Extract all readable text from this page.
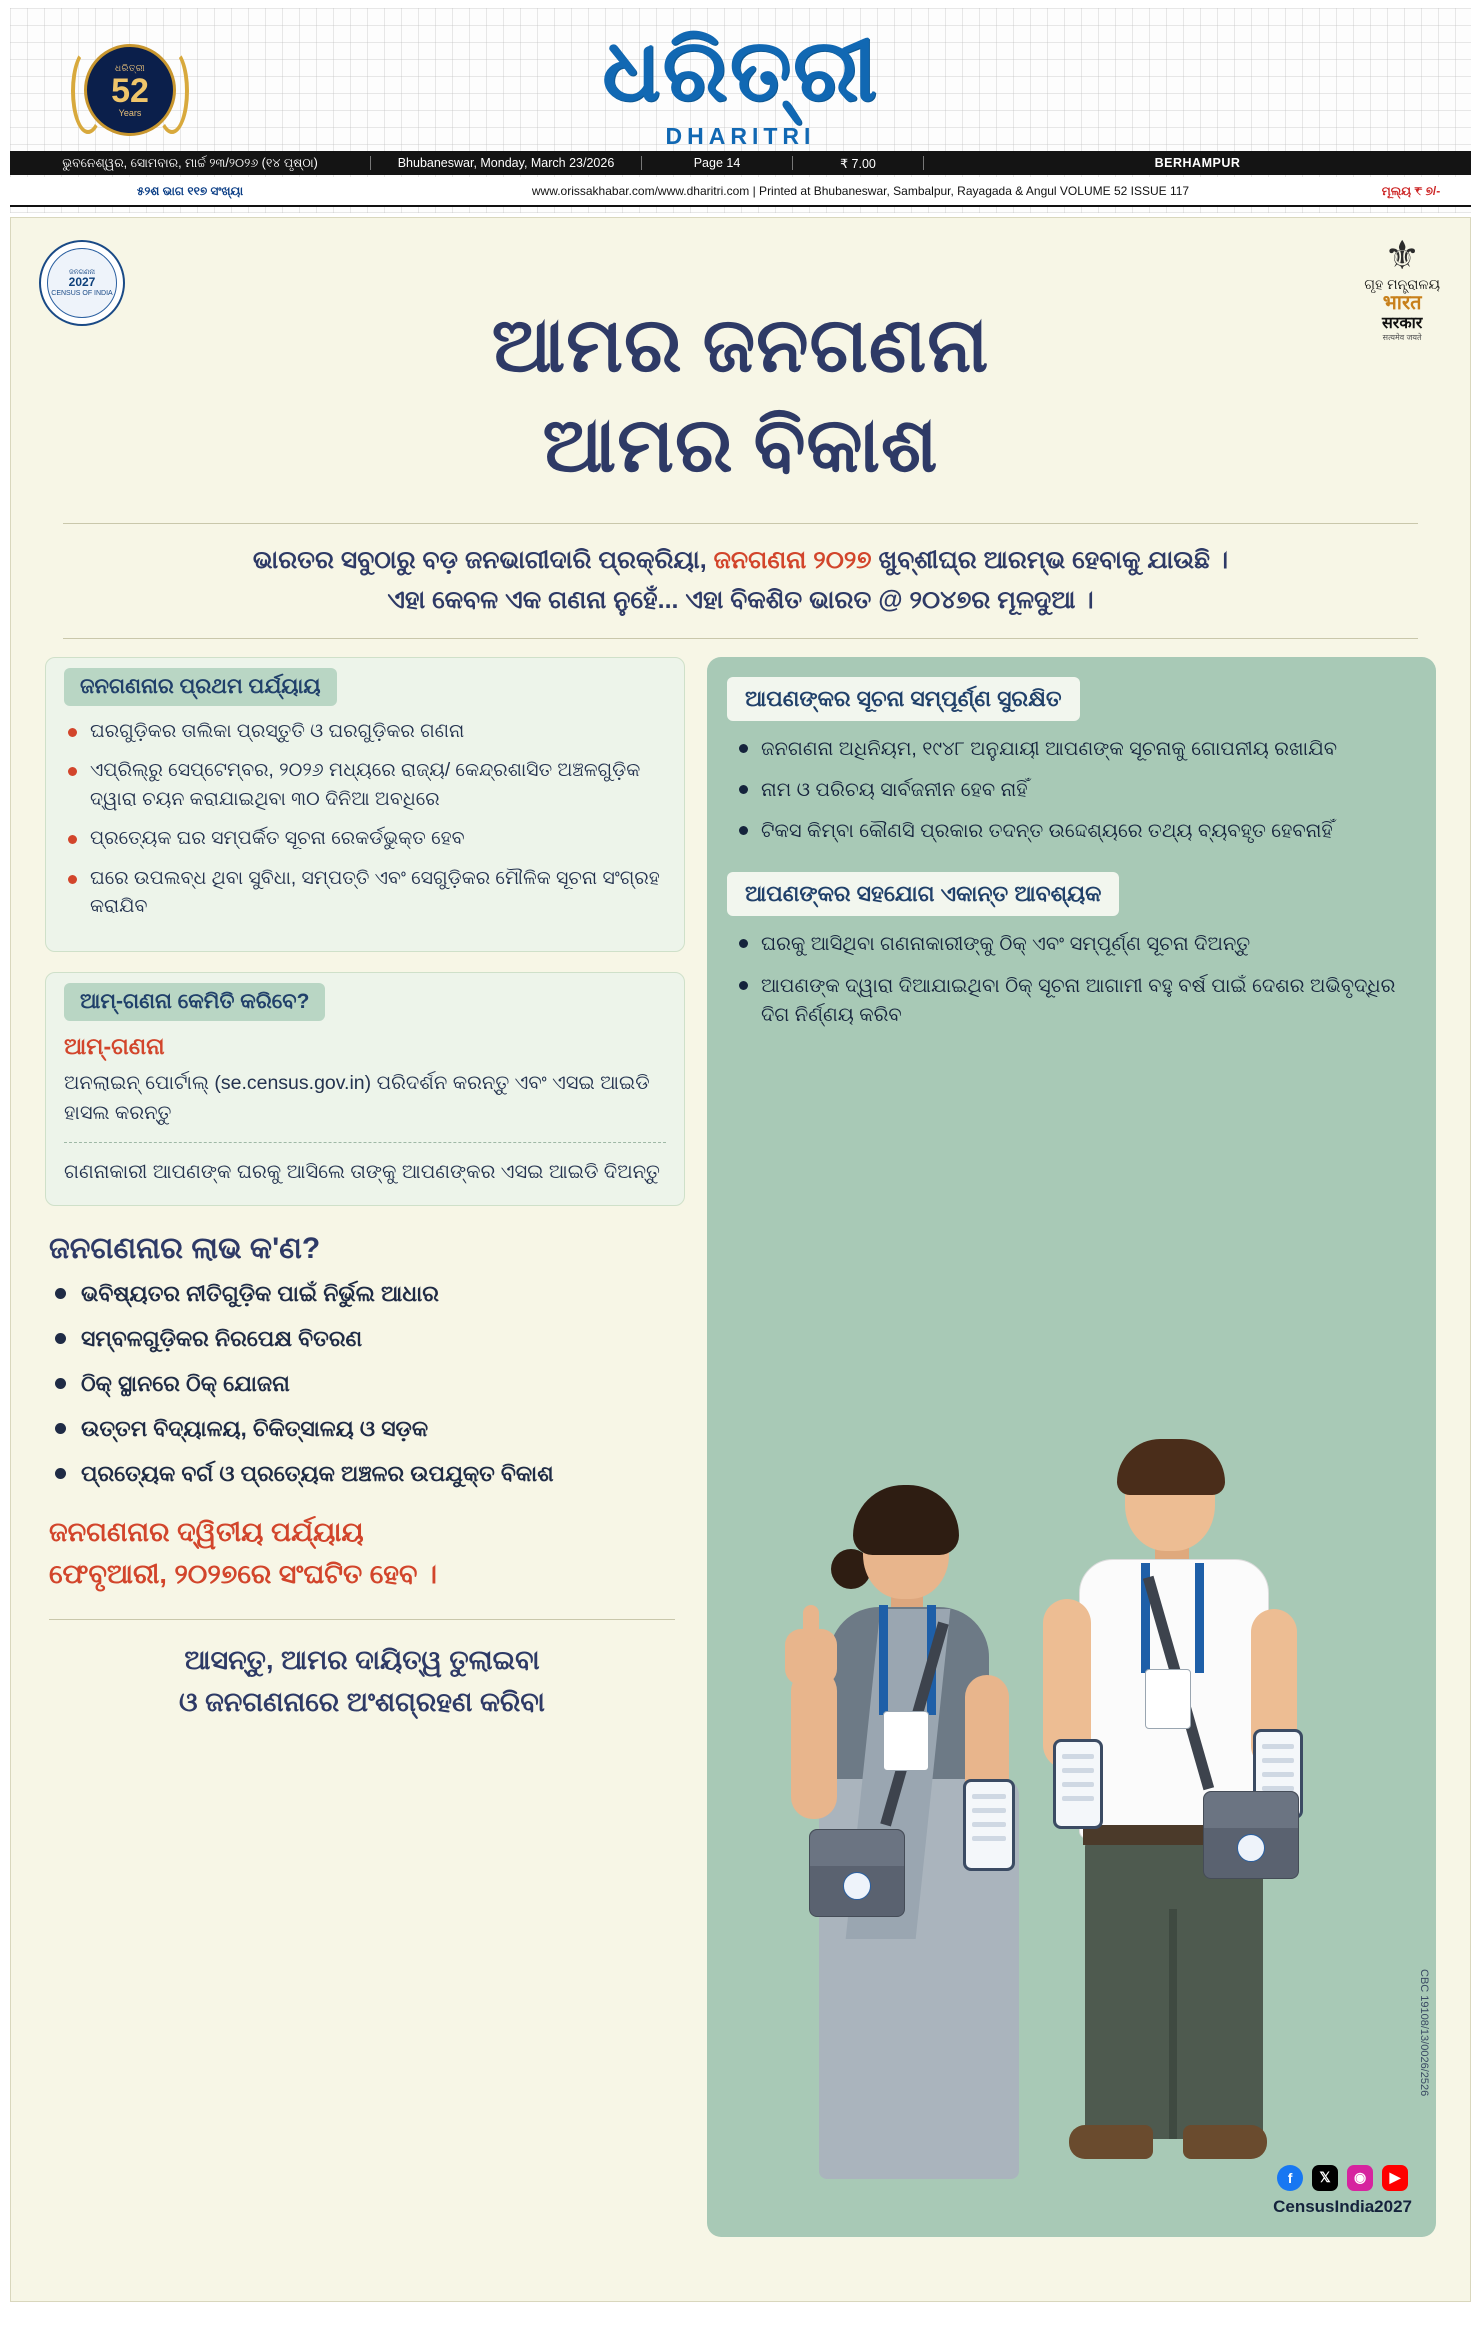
ଧରିତ୍ରୀ
52
Years	ଧରିତ୍ରୀ
DHARITRI
ଭୁବନେଶ୍ୱର, ସୋମବାର, ମାର୍ଚ୍ଚ ୨୩/୨୦୨୬ (୧୪ ପୃଷ୍ଠା)	Bhubaneswar, Monday, March 23/2026	Page 14	₹ 7.00	BERHAMPUR
୫୨ଶ ଭାଗ ୧୧୭ ସଂଖ୍ୟା	www.orissakhabar.com/www.dharitri.com | Printed at Bhubaneswar, Sambalpur, Rayagada & Angul VOLUME 52 ISSUE 117	ମୂଲ୍ୟ ₹ ୭/-
ଜନଗଣନା
2027
CENSUS OF INDIA
⚜
ଗୃହ ମନ୍ତ୍ରାଳୟ
भारत
सरकार
सत्यमेव जयते
ଆମର ଜନଗଣନା
ଆମର ବିକାଶ
ଭାରତର ସବୁଠାରୁ ବଡ଼ ଜନଭାଗୀଦାରି ପ୍ରକ୍ରିୟା, ଜନଗଣନା ୨୦୨୭ ଖୁବ୍‌ଶୀଘ୍ର ଆରମ୍ଭ ହେବାକୁ ଯାଉଛି ।
ଏହା କେବଳ ଏକ ଗଣନା ନୁହେଁ... ଏହା ବିକଶିତ ଭାରତ @ ୨୦୪୭ର ମୂଳଦୁଆ ।
ଜନଗଣନାର ପ୍ରଥମ ପର୍ଯ୍ୟାୟ
ଘରଗୁଡ଼ିକର ତାଲିକା ପ୍ରସ୍ତୁତି ଓ ଘରଗୁଡ଼ିକର ଗଣନା
ଏପ୍ରିଲ୍‌ରୁ ସେପ୍ଟେମ୍ବର, ୨୦୨୬ ମଧ୍ୟରେ ରାଜ୍ୟ/ କେନ୍ଦ୍ରଶାସିତ ଅଞ୍ଚଳଗୁଡ଼ିକ ଦ୍ୱାରା ଚୟନ କରାଯାଇଥିବା ୩୦ ଦିନିଆ ଅବଧିରେ
ପ୍ରତ୍ୟେକ ଘର ସମ୍ପର୍କିତ ସୂଚନା ରେକର୍ଡଭୁକ୍ତ ହେବ
ଘରେ ଉପଲବ୍ଧ ଥିବା ସୁବିଧା, ସମ୍ପତ୍ତି ଏବଂ ସେଗୁଡ଼ିକର ମୌଳିକ ସୂଚନା ସଂଗ୍ରହ କରାଯିବ
ଆମ୍‌-ଗଣନା କେମିତି କରିବେ?
ଆମ୍‌-ଗଣନା
ଅନଲାଇନ୍‌ ପୋର୍ଟାଲ୍‌ (se.census.gov.in) ପରିଦର୍ଶନ କରନ୍ତୁ ଏବଂ ଏସଇ ଆଇଡି ହାସଲ କରନ୍ତୁ
ଗଣନାକାରୀ ଆପଣଙ୍କ ଘରକୁ ଆସିଲେ ତାଙ୍କୁ ଆପଣଙ୍କର ଏସଇ ଆଇଡି ଦିଅନ୍ତୁ
ଜନଗଣନାର ଲାଭ କ'ଣ?
ଭବିଷ୍ୟତର ନୀତିଗୁଡ଼ିକ ପାଇଁ ନିର୍ଭୁଲ ଆଧାର
ସମ୍ବଳଗୁଡ଼ିକର ନିରପେକ୍ଷ ବିତରଣ
ଠିକ୍‌ ସ୍ଥାନରେ ଠିକ୍‌ ଯୋଜନା
ଉତ୍ତମ ବିଦ୍ୟାଳୟ, ଚିକିତ୍ସାଳୟ ଓ ସଡ଼କ
ପ୍ରତ୍ୟେକ ବର୍ଗ ଓ ପ୍ରତ୍ୟେକ ଅଞ୍ଚଳର ଉପଯୁକ୍ତ ବିକାଶ
ଜନଗଣନାର ଦ୍ୱିତୀୟ ପର୍ଯ୍ୟାୟ
ଫେବୃଆରୀ, ୨୦୨୭ରେ ସଂଘଟିତ ହେବ ।
ଆସନ୍ତୁ, ଆମର ଦାୟିତ୍ୱ ତୁଲାଇବା
ଓ ଜନଗଣନାରେ ଅଂଶଗ୍ରହଣ କରିବା
ଆପଣଙ୍କର ସୂଚନା ସମ୍ପୂର୍ଣ୍ଣ ସୁରକ୍ଷିତ
ଜନଗଣନା ଅଧିନିୟମ, ୧୯୪୮ ଅନୁଯାୟୀ ଆପଣଙ୍କ ସୂଚନାକୁ ଗୋପନୀୟ ରଖାଯିବ
ନାମ ଓ ପରିଚୟ ସାର୍ବଜନୀନ ହେବ ନାହିଁ
ଟିକସ କିମ୍ବା କୌଣସି ପ୍ରକାର ତଦନ୍ତ ଉଦ୍ଦେଶ୍ୟରେ ତଥ୍ୟ ବ୍ୟବହୃତ ହେବନାହିଁ
ଆପଣଙ୍କର ସହଯୋଗ ଏକାନ୍ତ ଆବଶ୍ୟକ
ଘରକୁ ଆସିଥିବା ଗଣନାକାରୀଙ୍କୁ ଠିକ୍‌ ଏବଂ ସମ୍ପୂର୍ଣ୍ଣ ସୂଚନା ଦିଅନ୍ତୁ
ଆପଣଙ୍କ ଦ୍ୱାରା ଦିଆଯାଇଥିବା ଠିକ୍‌ ସୂଚନା ଆଗାମୀ ବହୁ ବର୍ଷ ପାଇଁ ଦେଶର ଅଭିବୃଦ୍ଧିର ଦିଗ ନିର୍ଣ୍ଣୟ କରିବ
CBC 19108/13/0026/2526
f	𝕏	◉	▶
CensusIndia2027
